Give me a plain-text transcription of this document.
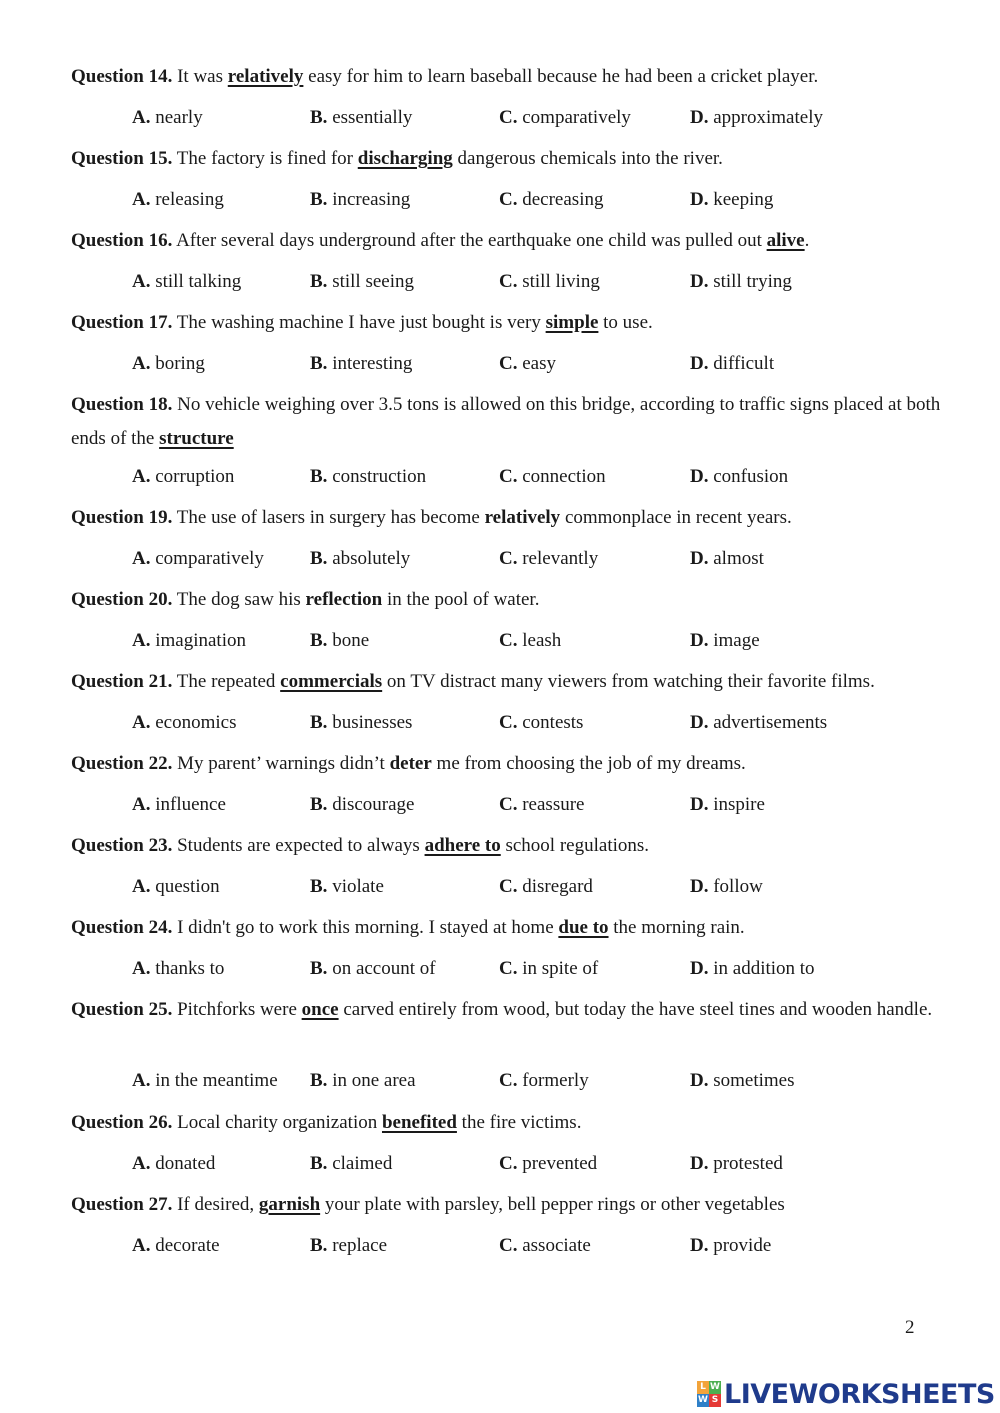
Question 14. It was relatively easy for him to learn baseball because he had been a cricket player.
A. nearly	B. essentially	C. comparatively	D. approximately
Question 15. The factory is fined for discharging dangerous chemicals into the river.
A. releasing	B. increasing	C. decreasing	D. keeping
Question 16. After several days underground after the earthquake one child was pulled out alive.
A. still talking	B. still seeing	C. still living	D. still trying
Question 17. The washing machine I have just bought is very simple to use.
A. boring	B. interesting	C. easy	D. difficult
Question 18. No vehicle weighing over 3.5 tons is allowed on this bridge, according to traffic signs placed at both ends of the structure
A. corruption	B. construction	C. connection	D. confusion
Question 19. The use of lasers in surgery has become relatively commonplace in recent years.
A. comparatively B. absolutely	C. relevantly	D. almost
Question 20. The dog saw his reflection in the pool of water.
A. imagination	B. bone	C. leash	D. image
Question 21. The repeated commercials on TV distract many viewers from watching their favorite films.
A. economics	B. businesses	C. contests	D. advertisements
Question 22. My parent’ warnings didn’t deter me from choosing the job of my dreams.
A. influence	B. discourage	C. reassure	D. inspire
Question 23. Students are expected to always adhere to school regulations.
A. question	B. violate	C. disregard	D. follow
Question 24. I didn't go to work this morning. I stayed at home due to the morning rain.
A. thanks to	B. on account of	C. in spite of	D. in addition to
Question 25. Pitchforks were once carved entirely from wood, but today the have steel tines and wooden handle.
A. in the meantime B. in one area	C. formerly	D. sometimes
Question 26. Local charity organization benefited the fire victims.
A. donated	B. claimed	C. prevented	D. protested
Question 27. If desired, garnish your plate with parsley, bell pepper rings or other vegetables
A. decorate	B. replace	C. associate	D. provide
2
L W
W S LIVEWORKSHEETS
